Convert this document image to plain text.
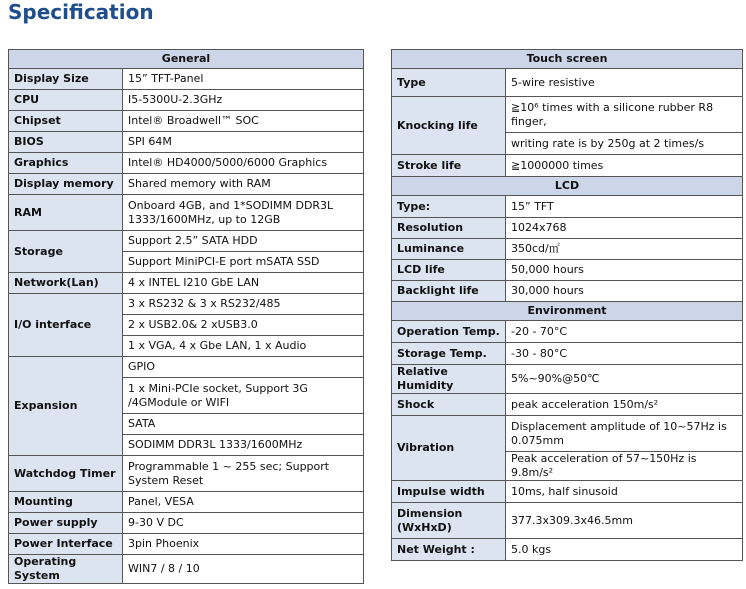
Specification
General	
Display Size	15” TFT-Panel
CPU	I5-5300U-2.3GHz
Chipset	Intel® Broadwell™ SOC
BIOS	SPI 64M
Graphics	Intel® HD4000/5000/6000 Graphics
Display memory	Shared memory with RAM
RAM	Onboard 4GB, and 1*SODIMM DDR3L 1333/1600MHz, up to 12GB
Storage	Support 2.5” SATA HDD
	Support MiniPCI-E port mSATA SSD
Network(Lan)	4 x INTEL I210 GbE LAN
I/O interface	3 x RS232 & 3 x RS232/485
	2 x USB2.0& 2 xUSB3.0
	1 x VGA, 4 x Gbe LAN, 1 x Audio
Expansion	GPIO
	1 x Mini-PCIe socket, Support 3G /4GModule or WIFI
	SATA
	SODIMM DDR3L 1333/1600MHz
Watchdog Timer	Programmable 1 ~ 255 sec; Support System Reset
Mounting	Panel, VESA
Power supply	9-30 V DC
Power Interface	3pin Phoenix
Operating System	WIN7 / 8 / 10
Touch screen	
Type	5-wire resistive
Knocking life	≧10⁶ times with a silicone rubber R8 finger,
	writing rate is by 250g at 2 times/s
Stroke life	≧1000000 times
LCD	
Type:	15” TFT
Resolution	1024x768
Luminance	350cd/㎡
LCD life	50,000 hours
Backlight life	30,000 hours
Environment	
Operation Temp.	-20 - 70°C
Storage Temp.	-30 - 80°C
Relative Humidity	5%~90%@50℃
Shock	peak acceleration 150m/s²
Vibration	Displacement amplitude of 10~57Hz is 0.075mm
	Peak acceleration of 57~150Hz is 9.8m/s²
Impulse width	10ms, half sinusoid
Dimension (WxHxD)	377.3x309.3x46.5mm
Net Weight :	5.0 kgs
